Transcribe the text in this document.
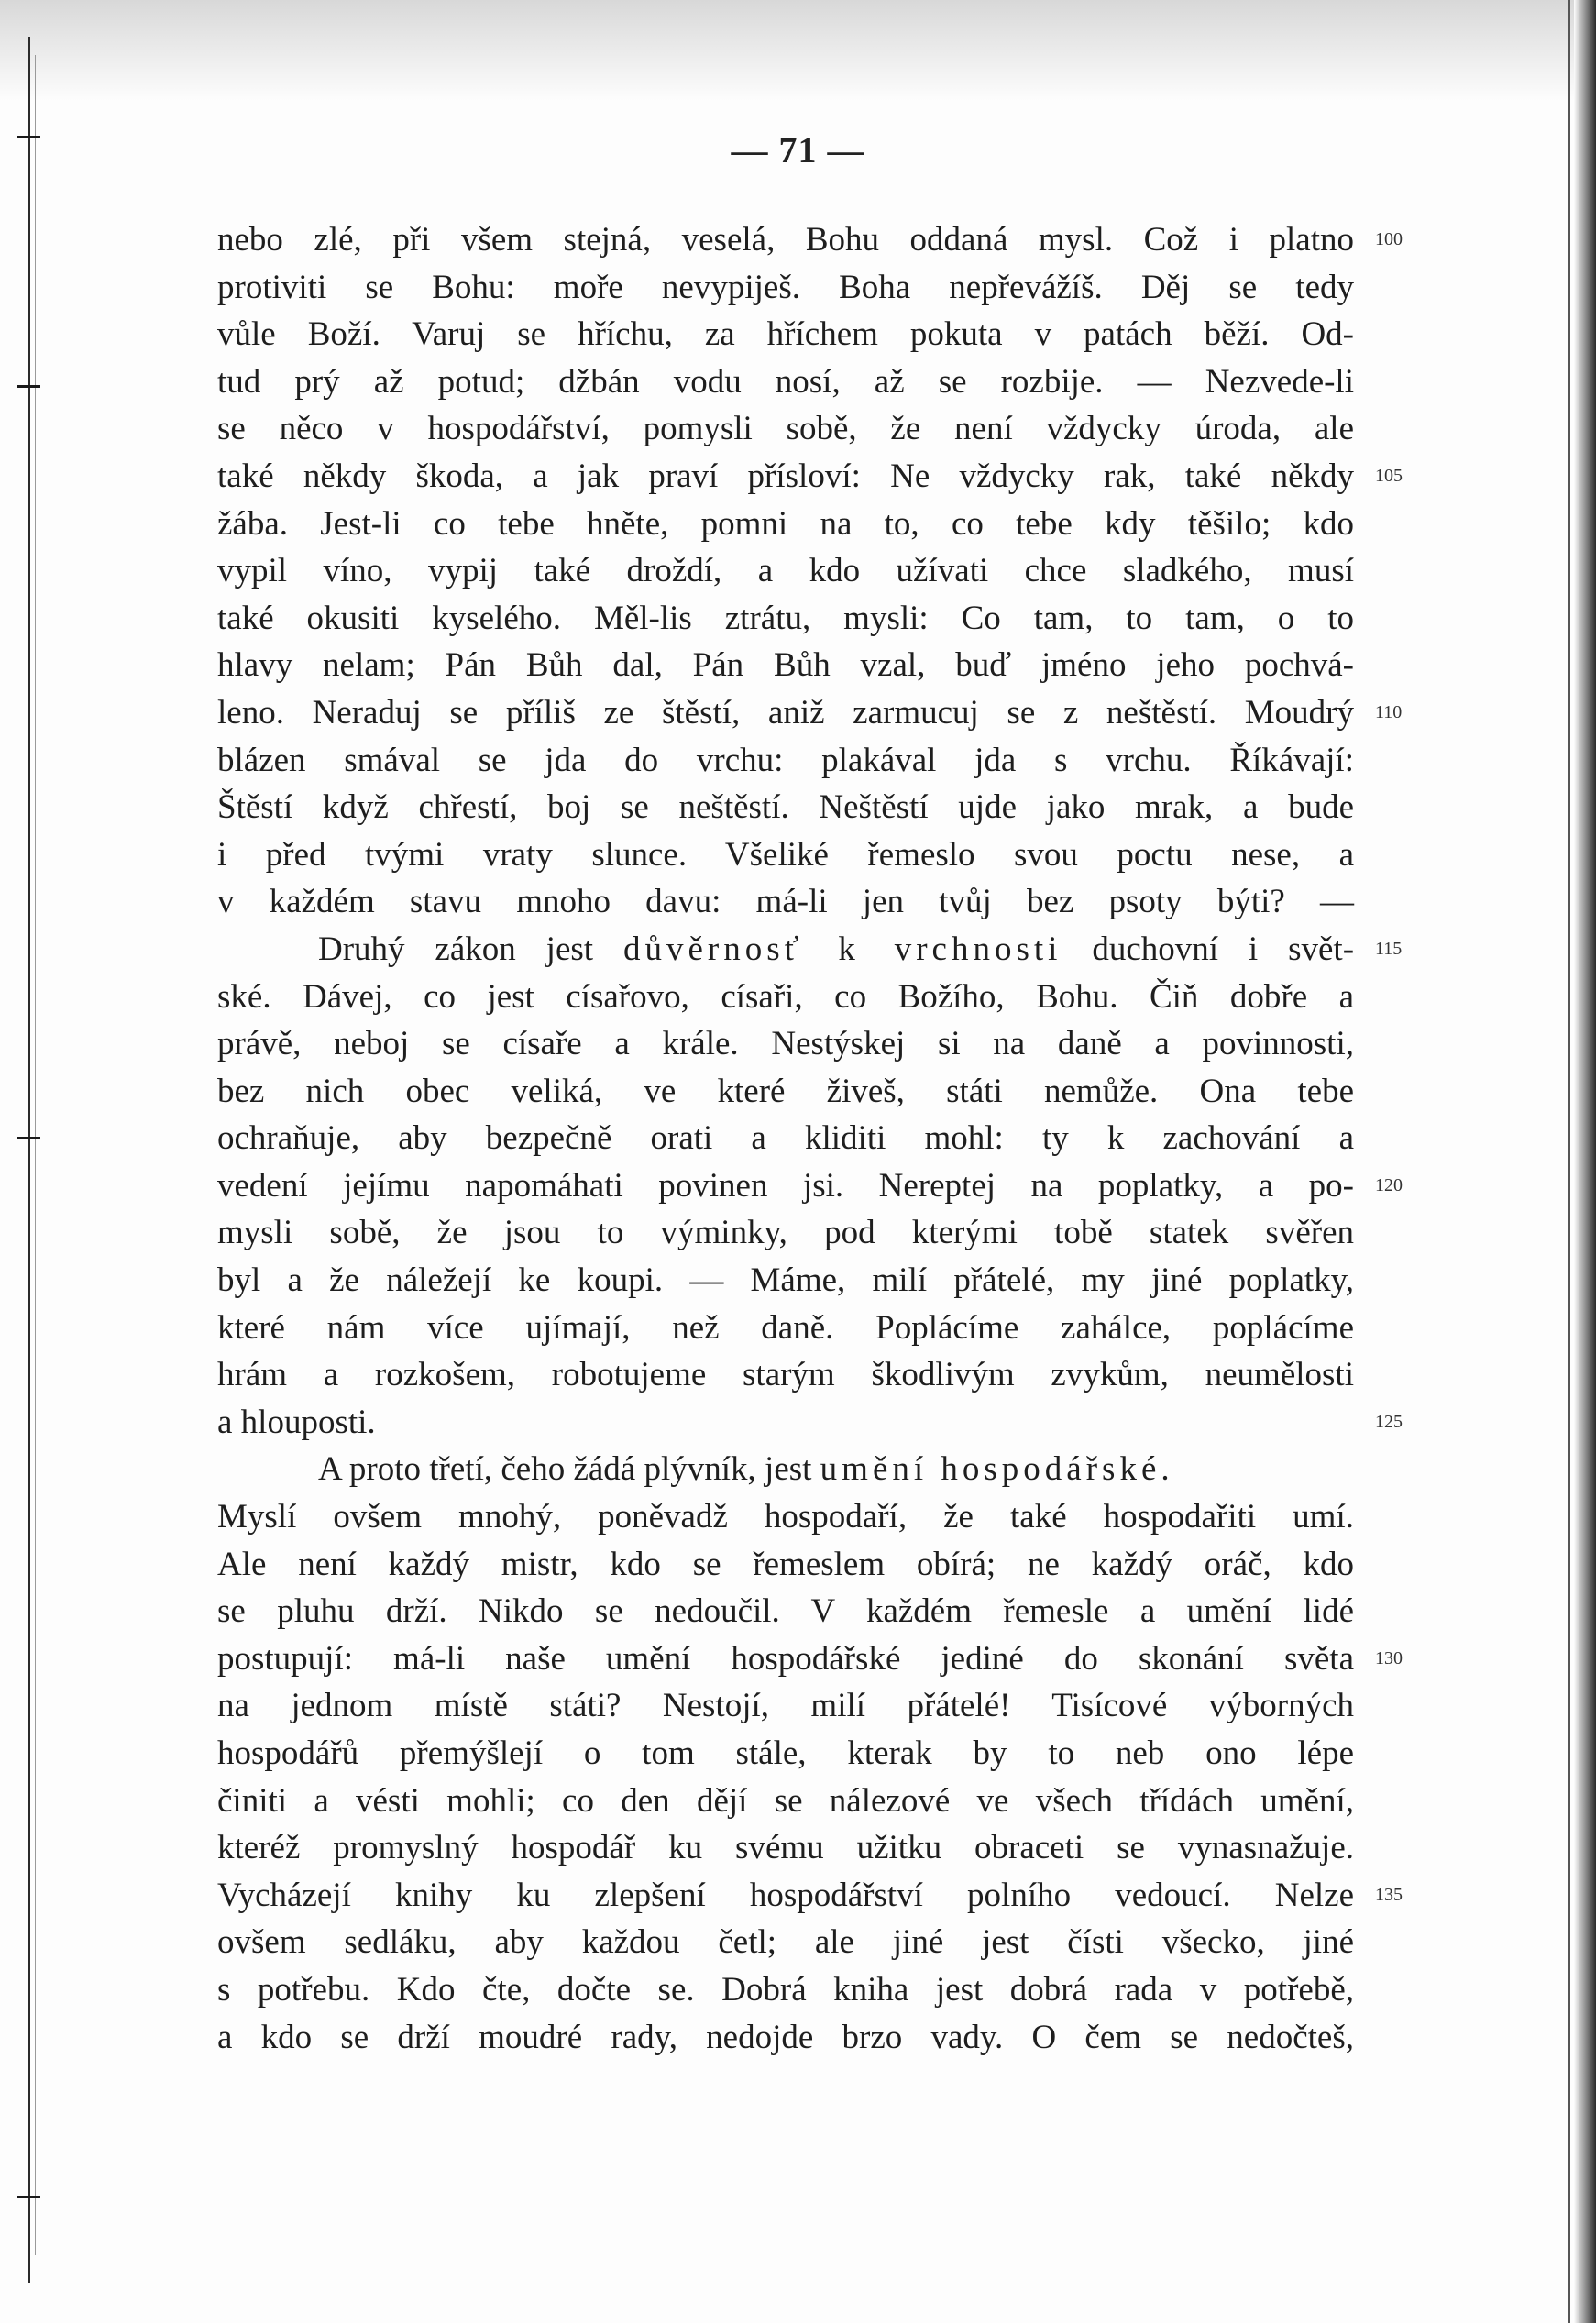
— 71 —
nebo zlé, při všem stejná, veselá, Bohu oddaná mysl. Což i platno
protiviti se Bohu: moře nevypiješ. Boha nepřevážíš. Děj se tedy
vůle Boží. Varuj se hříchu, za hříchem pokuta v patách běží. Od-
tud prý až potud; džbán vodu nosí, až se rozbije. — Nezvede-li
se něco v hospodářství, pomysli sobě, že není vždycky úroda, ale
také někdy škoda, a jak praví přísloví: Ne vždycky rak, také někdy
žába. Jest-li co tebe hněte, pomni na to, co tebe kdy těšilo; kdo
vypil víno, vypij také droždí, a kdo užívati chce sladkého, musí
také okusiti kyselého. Měl-lis ztrátu, mysli: Co tam, to tam, o to
hlavy nelam; Pán Bůh dal, Pán Bůh vzal, buď jméno jeho pochvá-
leno. Neraduj se příliš ze štěstí, aniž zarmucuj se z neštěstí. Moudrý
blázen smával se jda do vrchu: plakával jda s vrchu. Říkávají:
Štěstí když chřestí, boj se neštěstí. Neštěstí ujde jako mrak, a bude
i před tvými vraty slunce. Všeliké řemeslo svou poctu nese, a
v každém stavu mnoho davu: má-li jen tvůj bez psoty býti? —
Druhý zákon jest důvěrnosť k vrchnosti duchovní i svět-
ské. Dávej, co jest císařovo, císaři, co Božího, Bohu. Čiň dobře a
právě, neboj se císaře a krále. Nestýskej si na daně a povinnosti,
bez nich obec veliká, ve které živeš, státi nemůže. Ona tebe
ochraňuje, aby bezpečně orati a kliditi mohl: ty k zachování a
vedení jejímu napomáhati povinen jsi. Nereptej na poplatky, a po-
mysli sobě, že jsou to výminky, pod kterými tobě statek svěřen
byl a že náležejí ke koupi. — Máme, milí přátelé, my jiné poplatky,
které nám více ujímají, než daně. Poplácíme zahálce, poplácíme
hrám a rozkošem, robotujeme starým škodlivým zvykům, neumělosti
a hlouposti.
A proto třetí, čeho žádá plývník, jest umění hospodářské.
Myslí ovšem mnohý, poněvadž hospodaří, že také hospodařiti umí.
Ale není každý mistr, kdo se řemeslem obírá; ne každý oráč, kdo
se pluhu drží. Nikdo se nedoučil. V každém řemesle a umění lidé
postupují: má-li naše umění hospodářské jediné do skonání světa
na jednom místě státi? Nestojí, milí přátelé! Tisícové výborných
hospodářů přemýšlejí o tom stále, kterak by to neb ono lépe
činiti a vésti mohli; co den dějí se nálezové ve všech třídách umění,
kteréž promyslný hospodář ku svému užitku obraceti se vynasnažuje.
Vycházejí knihy ku zlepšení hospodářství polního vedoucí. Nelze
ovšem sedláku, aby každou četl; ale jiné jest čísti všecko, jiné
s potřebu. Kdo čte, dočte se. Dobrá kniha jest dobrá rada v potřebě,
a kdo se drží moudré rady, nedojde brzo vady. O čem se nedočteš,
100
105
110
115
120
125
130
135
